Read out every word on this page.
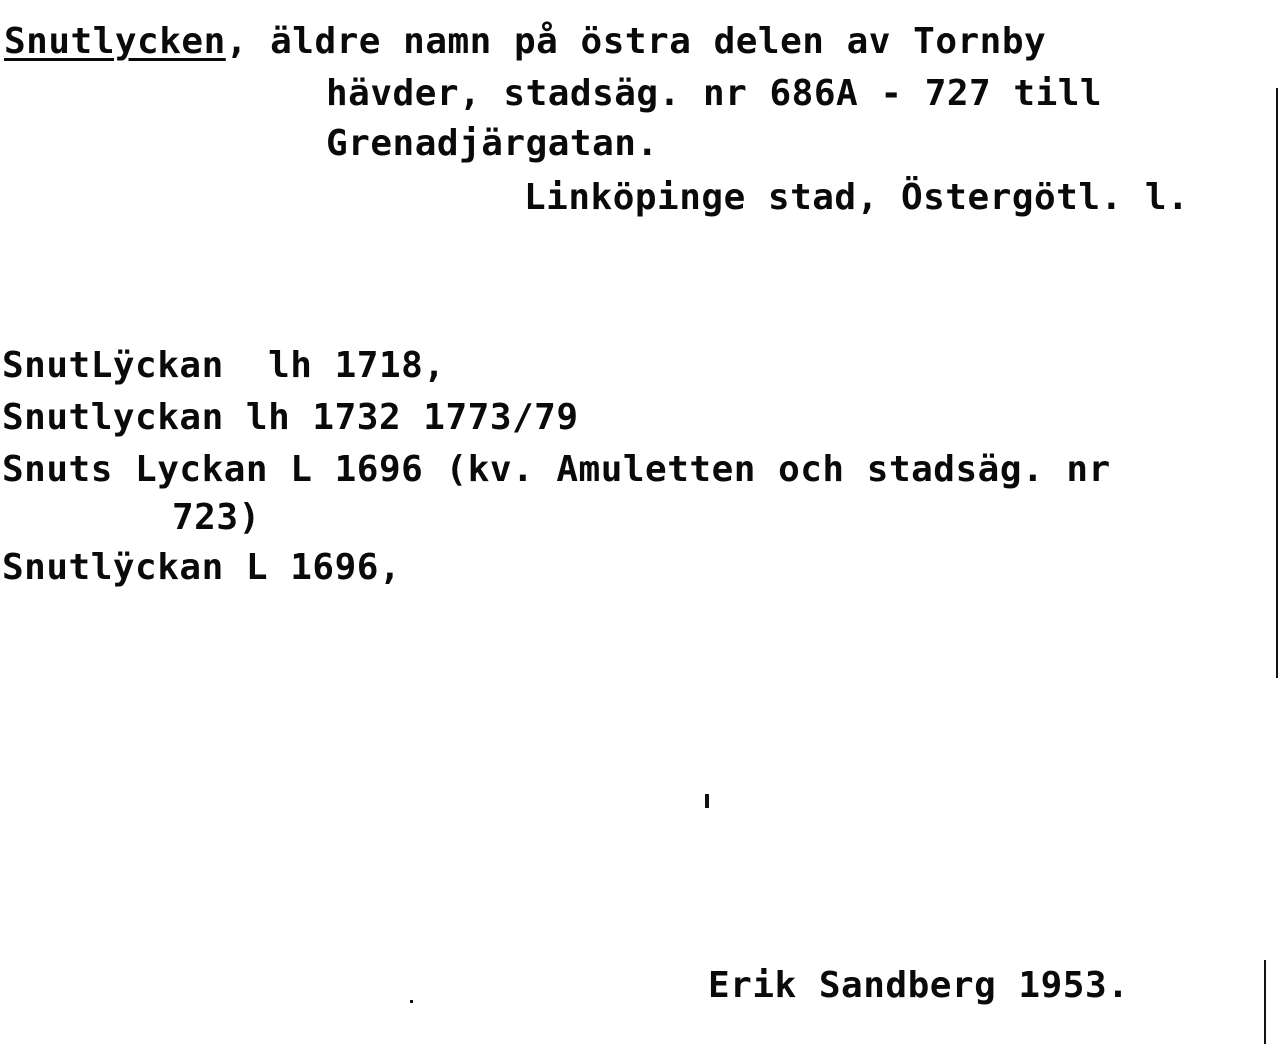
Snutlycken, äldre namn på östra delen av Tornby
hävder, stadsäg. nr 686A - 727 till
Grenadjärgatan.
Linköpinge stad, Östergötl. l.
SnutLÿckan  lh 1718,
Snutlyckan lh 1732 1773/79
Snuts Lyckan L 1696 (kv. Amuletten och stadsäg. nr
723)
Snutlÿckan L 1696,
Erik Sandberg 1953.
